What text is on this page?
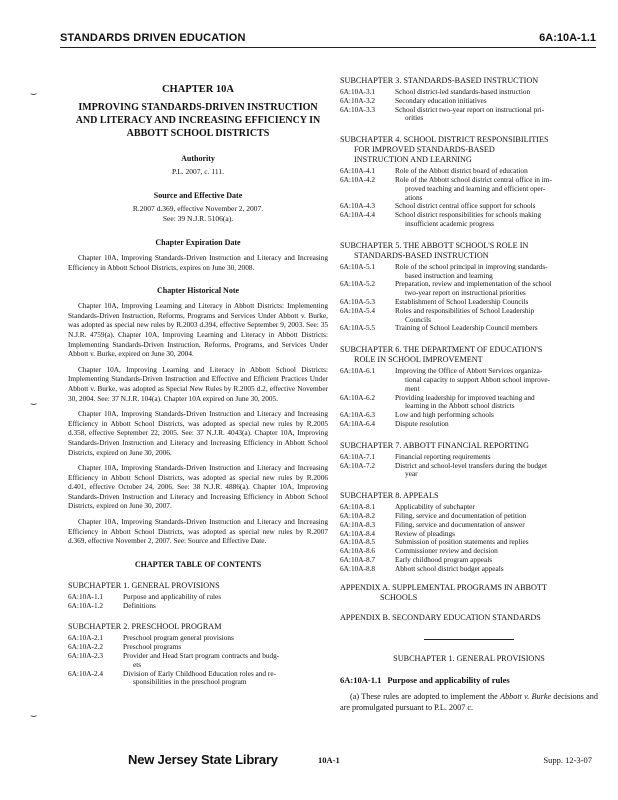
STANDARDS DRIVEN EDUCATION	6A:10A-1.1
⌣
⌣
⌣
CHAPTER 10A
IMPROVING STANDARDS-DRIVEN INSTRUCTION AND LITERACY AND INCREASING EFFICIENCY IN ABBOTT SCHOOL DISTRICTS
Authority
P.L. 2007, c. 111.
Source and Effective Date
R.2007 d.369, effective November 2, 2007.
See: 39 N.J.R. 5106(a).
Chapter Expiration Date
Chapter 10A, Improving Standards-Driven Instruction and Literacy and Increasing Efficiency in Abbott School Districts, expires on June 30, 2008.
Chapter Historical Note
Chapter 10A, Improving Learning and Literacy in Abbott Districts: Implementing Standards-Driven Instruction, Reforms, Programs and Services Under Abbott v. Burke, was adopted as special new rules by R.2003 d.394, effective September 9, 2003. See: 35 N.J.R. 4759(a). Chapter 10A, Improving Learning and Literacy in Abbott Districts: Implementing Standards-Driven Instruction, Reforms, Programs, and Services Under Abbott v. Burke, expired on June 30, 2004.
Chapter 10A, Improving Learning and Literacy in Abbott School Districts: Implementing Standards-Driven Instruction and Effective and Efficient Practices Under Abbott v. Burke, was adopted as Special New Rules by R.2005 d.2, effective November 30, 2004. See: 37 N.J.R. 104(a). Chapter 10A expired on June 30, 2005.
Chapter 10A, Improving Standards-Driven Instruction and Literacy and Increasing Efficiency in Abbott School Districts, was adopted as special new rules by R.2005 d.358, effective September 22, 2005. See: 37 N.J.R. 4043(a). Chapter 10A, Improving Standards-Driven Instruction and Literacy and Increasing Efficiency in Abbott School Districts, expired on June 30, 2006.
Chapter 10A, Improving Standards-Driven Instruction and Literacy and Increasing Efficiency in Abbott School Districts, was adopted as special new rules by R.2006 d.401, effective October 24, 2006. See: 38 N.J.R. 4886(a). Chapter 10A, Improving Standards-Driven Instruction and Literacy and Increasing Efficiency in Abbott School Districts, expired on June 30, 2007.
Chapter 10A, Improving Standards-Driven Instruction and Literacy and Increasing Efficiency in Abbott School Districts, was adopted as special new rules by R.2007 d.369, effective November 2, 2007. See: Source and Effective Date.
CHAPTER TABLE OF CONTENTS
SUBCHAPTER 1. GENERAL PROVISIONS
6A:10A-1.1	Purpose and applicability of rules
6A:10A-1.2	Definitions
SUBCHAPTER 2. PRESCHOOL PROGRAM
6A:10A-2.1	Preschool program general provisions
6A:10A-2.2	Preschool programs
6A:10A-2.3	Provider and Head Start program contracts and budg-
ets
6A:10A-2.4	Division of Early Childhood Education roles and re-
sponsibilities in the preschool program
SUBCHAPTER 3. STANDARDS-BASED INSTRUCTION
6A:10A-3.1	School district-led standards-based instruction
6A:10A-3.2	Secondary education initiatives
6A:10A-3.3	School district two-year report on instructional pri-
orities
SUBCHAPTER 4. SCHOOL DISTRICT RESPONSIBILITIES
FOR IMPROVED STANDARDS-BASED
INSTRUCTION AND LEARNING
6A:10A-4.1	Role of the Abbott district board of education
6A:10A-4.2	Role of the Abbott school district central office in im-
proved teaching and learning and efficient oper-
ations
6A:10A-4.3	School district central office support for schools
6A:10A-4.4	School district responsibilities for schools making
insufficient academic progress
SUBCHAPTER 5. THE ABBOTT SCHOOL'S ROLE IN
STANDARDS-BASED INSTRUCTION
6A:10A-5.1	Role of the school principal in improving standards-
based instruction and learning
6A:10A-5.2	Preparation, review and implementation of the school
two-year report on instructional priorities
6A:10A-5.3	Establishment of School Leadership Councils
6A:10A-5.4	Roles and responsibilities of School Leadership
Councils
6A:10A-5.5	Training of School Leadership Council members
SUBCHAPTER 6. THE DEPARTMENT OF EDUCATION'S
ROLE IN SCHOOL IMPROVEMENT
6A:10A-6.1	Improving the Office of Abbott Services organiza-
tional capacity to support Abbott school improve-
ment
6A:10A-6.2	Providing leadership for improved teaching and
learning in the Abbott school districts
6A:10A-6.3	Low and high performing schools
6A:10A-6.4	Dispute resolution
SUBCHAPTER 7. ABBOTT FINANCIAL REPORTING
6A:10A-7.1	Financial reporting requirements
6A:10A-7.2	District and school-level transfers during the budget
year
SUBCHAPTER 8. APPEALS
6A:10A-8.1	Applicability of subchapter
6A:10A-8.2	Filing, service and documentation of petition
6A:10A-8.3	Filing, service and documentation of answer
6A:10A-8.4	Review of pleadings
6A:10A-8.5	Submission of position statements and replies
6A:10A-8.6	Commissioner review and decision
6A:10A-8.7	Early childhood program appeals
6A:10A-8.8	Abbott school district budget appeals
APPENDIX A. SUPPLEMENTAL PROGRAMS IN ABBOTT
SCHOOLS
APPENDIX B. SECONDARY EDUCATION STANDARDS
SUBCHAPTER 1. GENERAL PROVISIONS
6A:10A-1.1 Purpose and applicability of rules
(a) These rules are adopted to implement the Abbott v. Burke decisions and are promulgated pursuant to P.L. 2007 c.
New Jersey State Library	10A-1	Supp. 12-3-07
